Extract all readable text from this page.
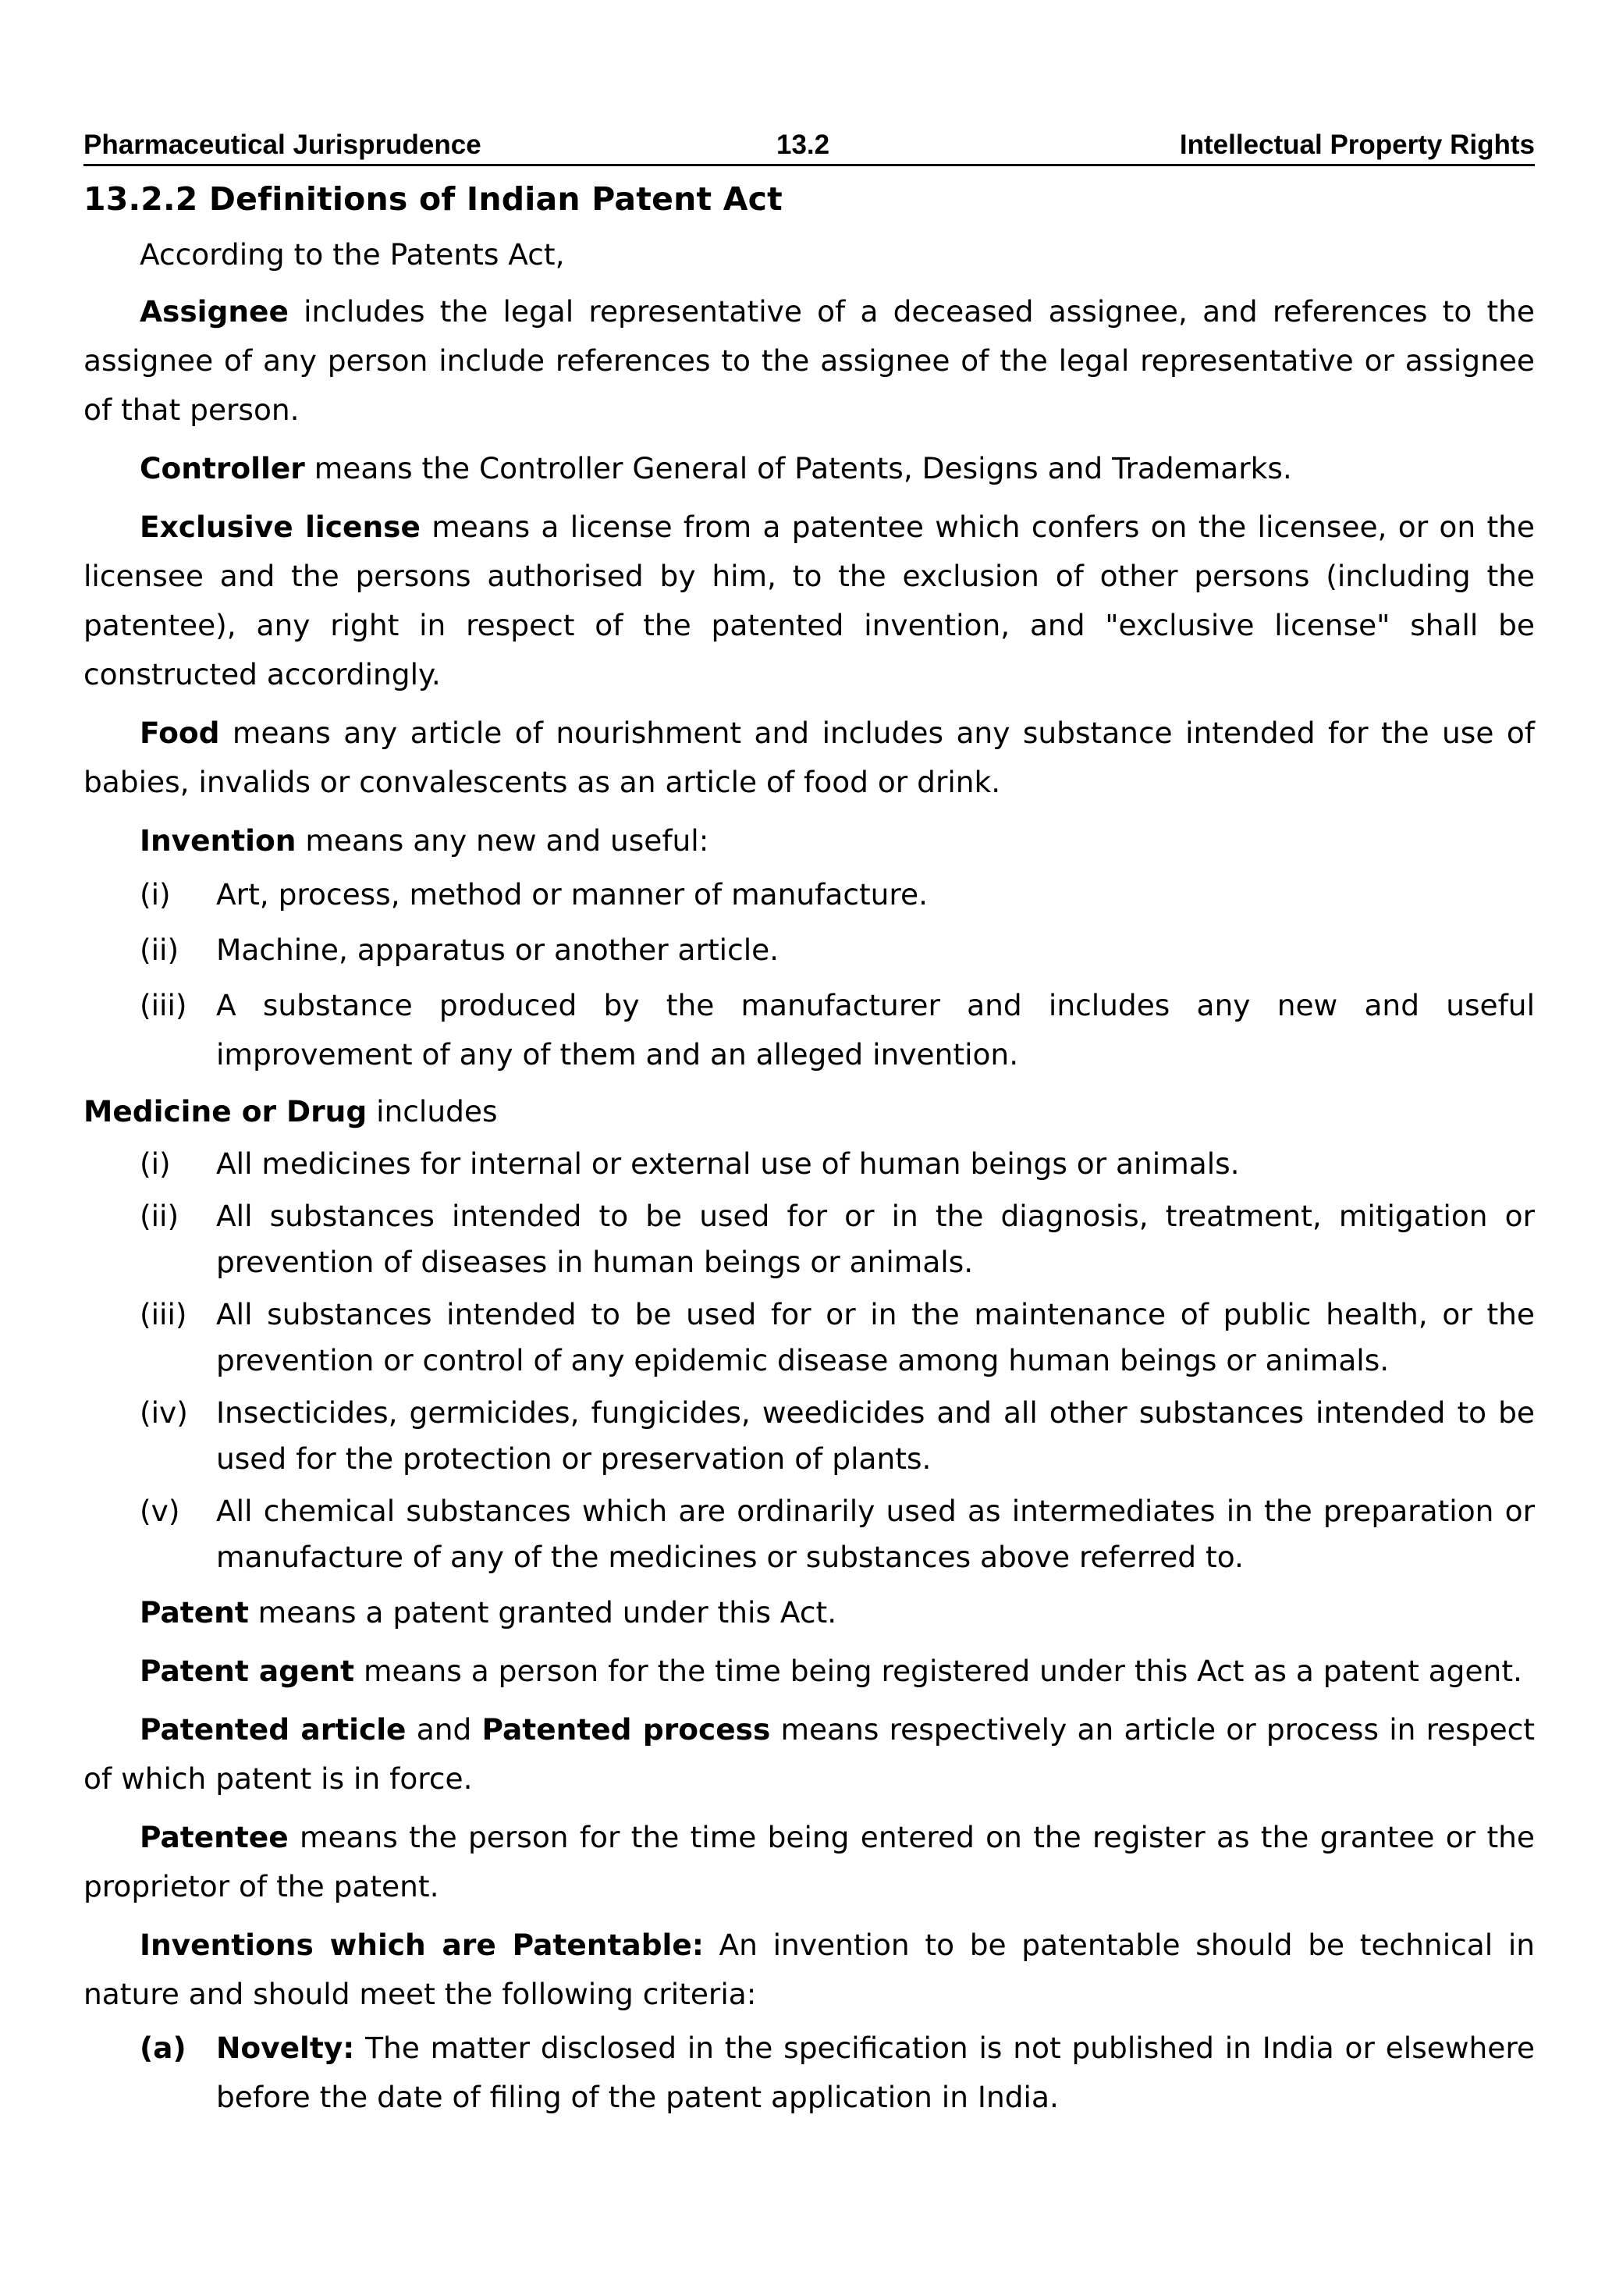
Pharmaceutical Jurisprudence	13.2	Intellectual Property Rights
13.2.2 Definitions of Indian Patent Act

According to the Patents Act,

Assignee includes the legal representative of a deceased assignee, and references to the assignee of any person include references to the assignee of the legal representative or assignee of that person.

Controller means the Controller General of Patents, Designs and Trademarks.

Exclusive license means a license from a patentee which confers on the licensee, or on the licensee and the persons authorised by him, to the exclusion of other persons (including the patentee), any right in respect of the patented invention, and "exclusive license" shall be constructed accordingly.

Food means any article of nourishment and includes any substance intended for the use of babies, invalids or convalescents as an article of food or drink.

Invention means any new and useful:

(i)	Art, process, method or manner of manufacture.
(ii)	Machine, apparatus or another article.
(iii) A substance produced by the manufacturer and includes any new and useful improvement of any of them and an alleged invention.

Medicine or Drug includes

(i)	All medicines for internal or external use of human beings or animals.
(ii)	All substances intended to be used for or in the diagnosis, treatment, mitigation or prevention of diseases in human beings or animals.
(iii) All substances intended to be used for or in the maintenance of public health, or the prevention or control of any epidemic disease among human beings or animals.
(iv) Insecticides, germicides, fungicides, weedicides and all other substances intended to be used for the protection or preservation of plants.
(v)	All chemical substances which are ordinarily used as intermediates in the preparation or manufacture of any of the medicines or substances above referred to.

Patent means a patent granted under this Act.

Patent agent means a person for the time being registered under this Act as a patent agent.

Patented article and Patented process means respectively an article or process in respect of which patent is in force.

Patentee means the person for the time being entered on the register as the grantee or the proprietor of the patent.

Inventions which are Patentable: An invention to be patentable should be technical in nature and should meet the following criteria:

(a)	Novelty: The matter disclosed in the specification is not published in India or elsewhere before the date of filing of the patent application in India.
